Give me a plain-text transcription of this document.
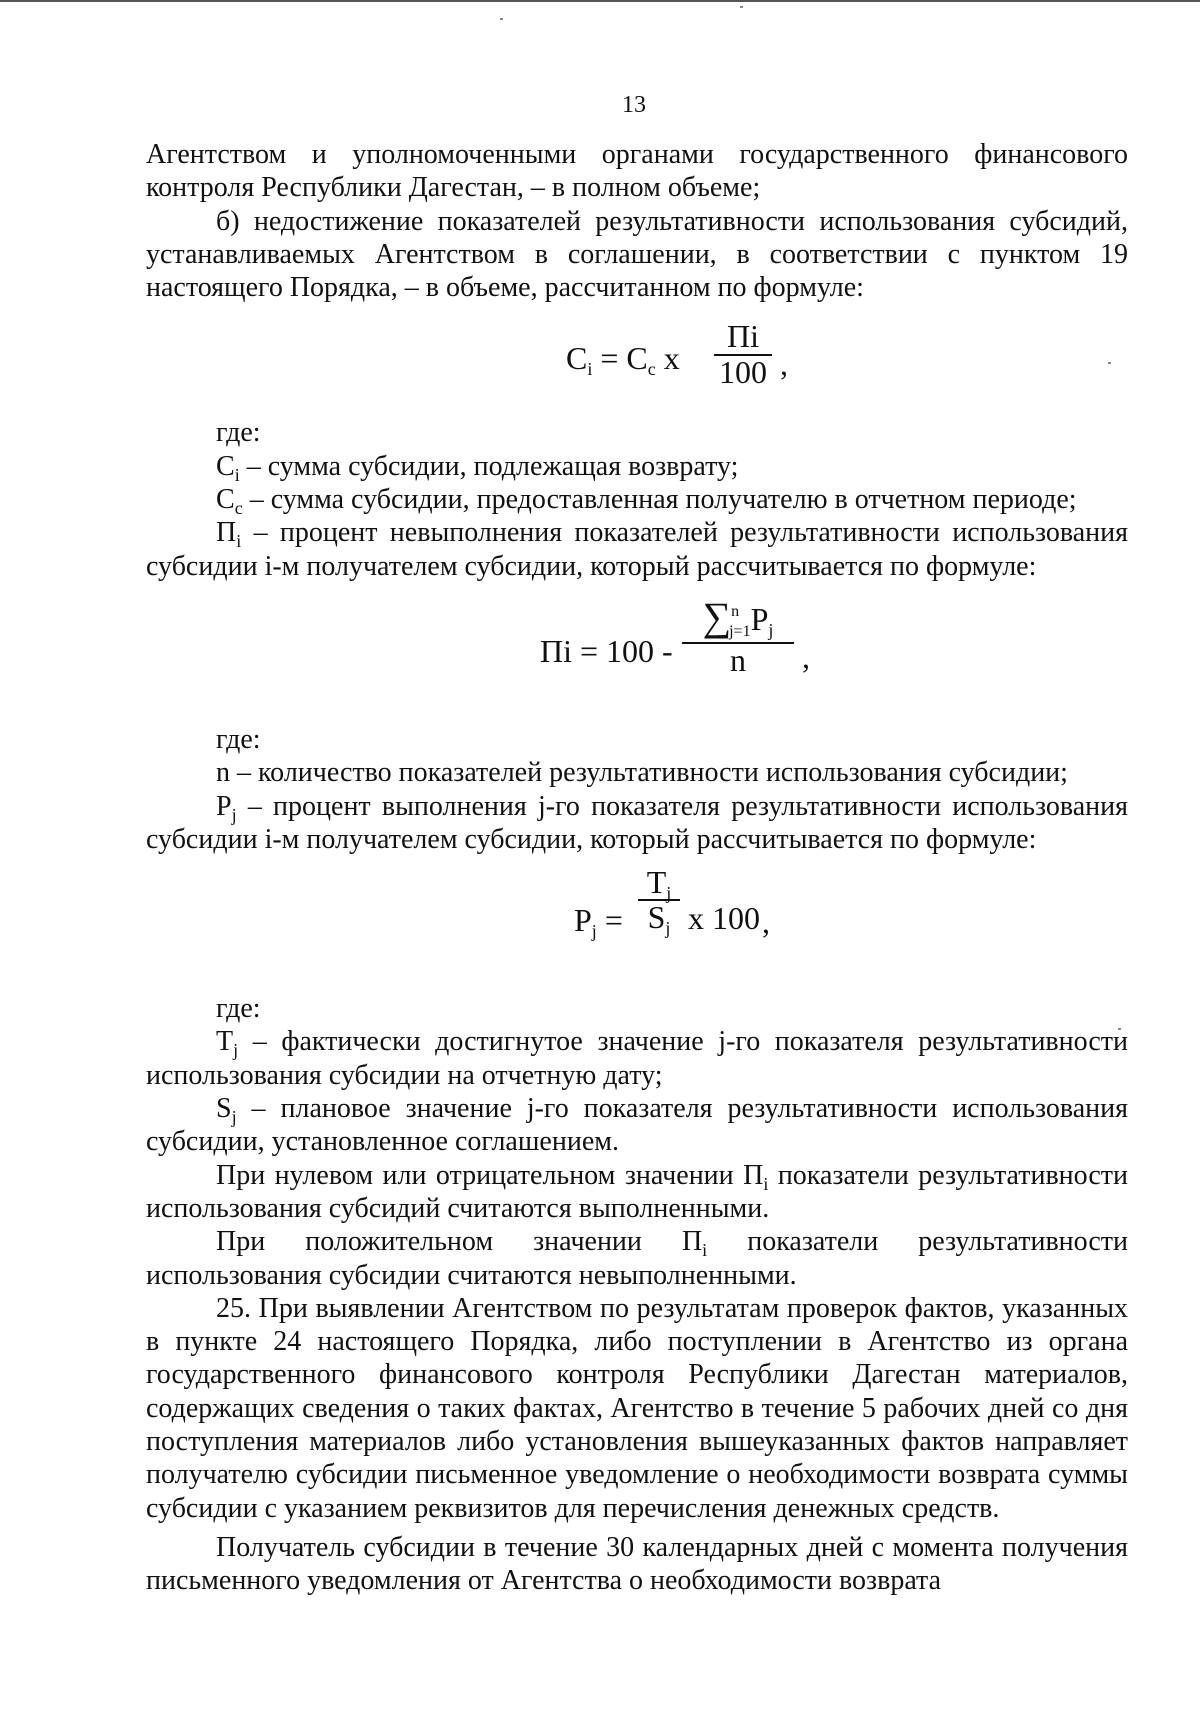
13

Агентством и уполномоченными органами государственного финансового контроля Республики Дагестан, – в полном объеме;

б) недостижение показателей результативности использования субсидий, устанавливаемых Агентством в соглашении, в соответствии с пунктом 19 настоящего Порядка, – в объеме, рассчитанном по формуле:

$C_i = C_c$ x
Пi
100 ,

где:

$C_i$ – сумма субсидии, подлежащая возврату;

$C_c$ – сумма субсидии, предоставленная получателю в отчетном периоде;

$П_i$ – процент невыполнения показателей результативности использования субсидии i-м получателем субсидии, который рассчитывается по формуле:

Пi = 100 -
$\sum^nj=1P_j$
n	,

где:

n – количество показателей результативности использования субсидии;

$P_j$ – процент выполнения j-го показателя результативности использования субсидии i-м получателем субсидии, который рассчитывается по формуле:

$P_j$ =
$T_j$
$S_j$ x 100 ,

где:

$T_j$ – фактически достигнутое значение j-го показателя результативности использования субсидии на отчетную дату;

$S_j$ – плановое значение j-го показателя результативности использования субсидии, установленное соглашением.

При нулевом или отрицательном значении $П_i$ показатели результативности использования субсидий считаются выполненными.

При положительном значении $П_i$ показатели результативности использования субсидии считаются невыполненными.

25. При выявлении Агентством по результатам проверок фактов, указанных в пункте 24 настоящего Порядка, либо поступлении в Агентство из органа государственного финансового контроля Республики Дагестан материалов, содержащих сведения о таких фактах, Агентство в течение 5 рабочих дней со дня поступления материалов либо установления вышеуказанных фактов направляет получателю субсидии письменное уведомление о необходимости возврата суммы субсидии с указанием реквизитов для перечисления денежных средств.

Получатель субсидии в течение 30 календарных дней с момента получения письменного уведомления от Агентства о необходимости возврата
